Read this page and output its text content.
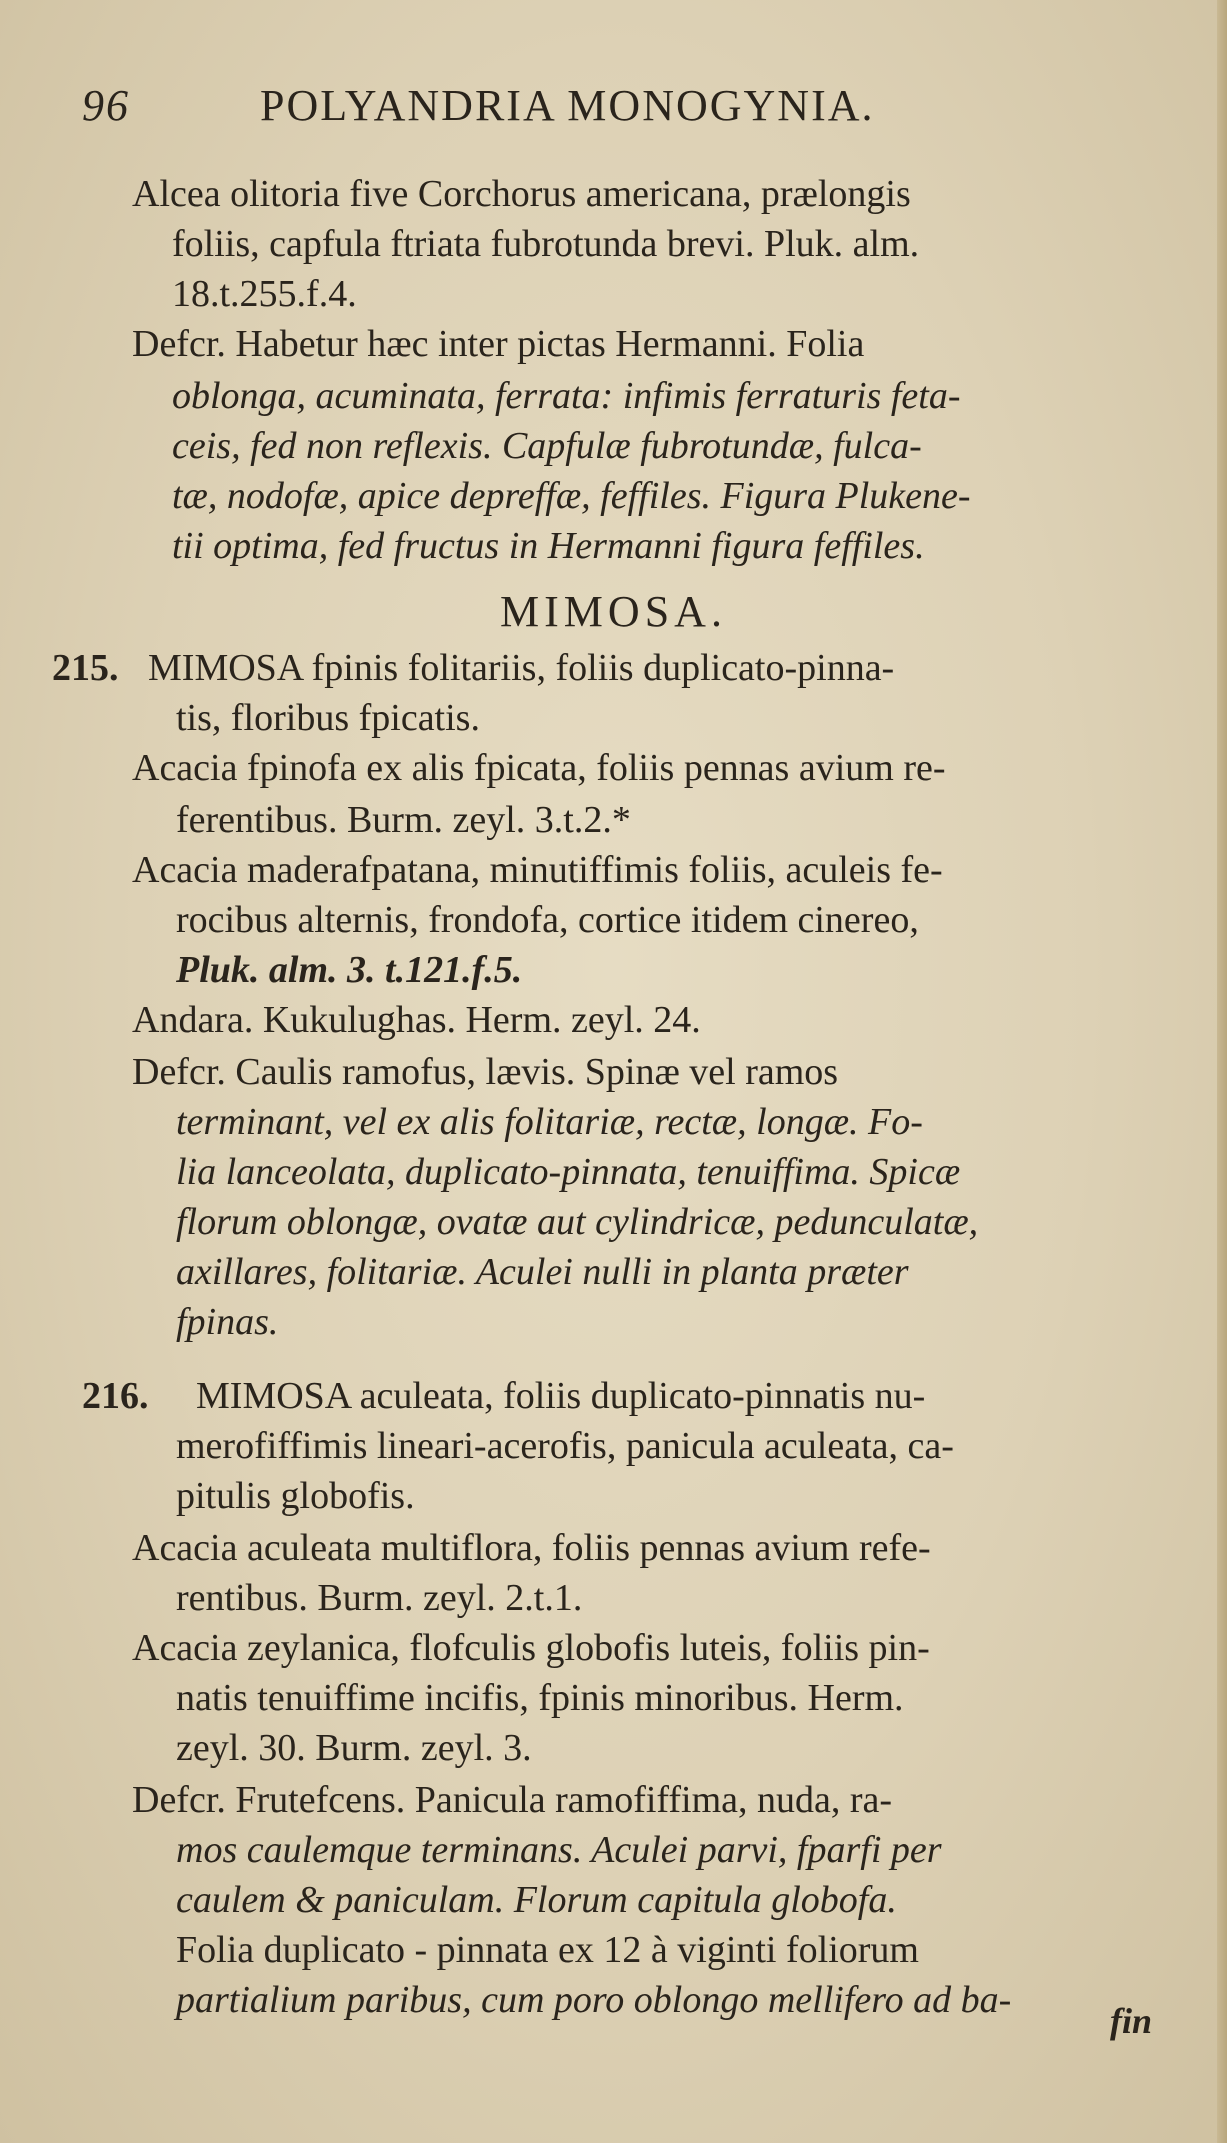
96	POLYANDRIA MONOGYNIA.
Alcea olitoria five Corchorus americana, prælongis
foliis, capfula ftriata fubrotunda brevi. Pluk. alm.
18.t.255.f.4.
Defcr. Habetur hæc inter pictas Hermanni. Folia
oblonga, acuminata, ferrata: infimis ferraturis feta-
ceis, fed non reflexis. Capfulæ fubrotundæ, fulca-
tæ, nodofæ, apice depreffæ, feffiles. Figura Plukene-
tii optima, fed fructus in Hermanni figura feffiles.
MIMOSA.
215. MIMOSA fpinis folitariis, foliis duplicato-pinna-
tis, floribus fpicatis.
Acacia fpinofa ex alis fpicata, foliis pennas avium re-
ferentibus. Burm. zeyl. 3.t.2.*
Acacia maderafpatana, minutiffimis foliis, aculeis fe-
rocibus alternis, frondofa, cortice itidem cinereo,
Pluk. alm. 3. t.121.f.5.
Andara. Kukulughas. Herm. zeyl. 24.
Defcr. Caulis ramofus, lævis. Spinæ vel ramos
terminant, vel ex alis folitariæ, rectæ, longæ. Fo-
lia lanceolata, duplicato-pinnata, tenuiffima. Spicæ
florum oblongæ, ovatæ aut cylindricæ, pedunculatæ,
axillares, folitariæ. Aculei nulli in planta præter
fpinas.
216. MIMOSA aculeata, foliis duplicato-pinnatis nu-
merofiffimis lineari-acerofis, panicula aculeata, ca-
pitulis globofis.
Acacia aculeata multiflora, foliis pennas avium refe-
rentibus. Burm. zeyl. 2.t.1.
Acacia zeylanica, flofculis globofis luteis, foliis pin-
natis tenuiffime incifis, fpinis minoribus. Herm.
zeyl. 30. Burm. zeyl. 3.
Defcr. Frutefcens. Panicula ramofiffima, nuda, ra-
mos caulemque terminans. Aculei parvi, fparfi per
caulem & paniculam. Florum capitula globofa.
Folia duplicato - pinnata ex 12 à viginti foliorum
partialium paribus, cum poro oblongo mellifero ad ba-	fin
